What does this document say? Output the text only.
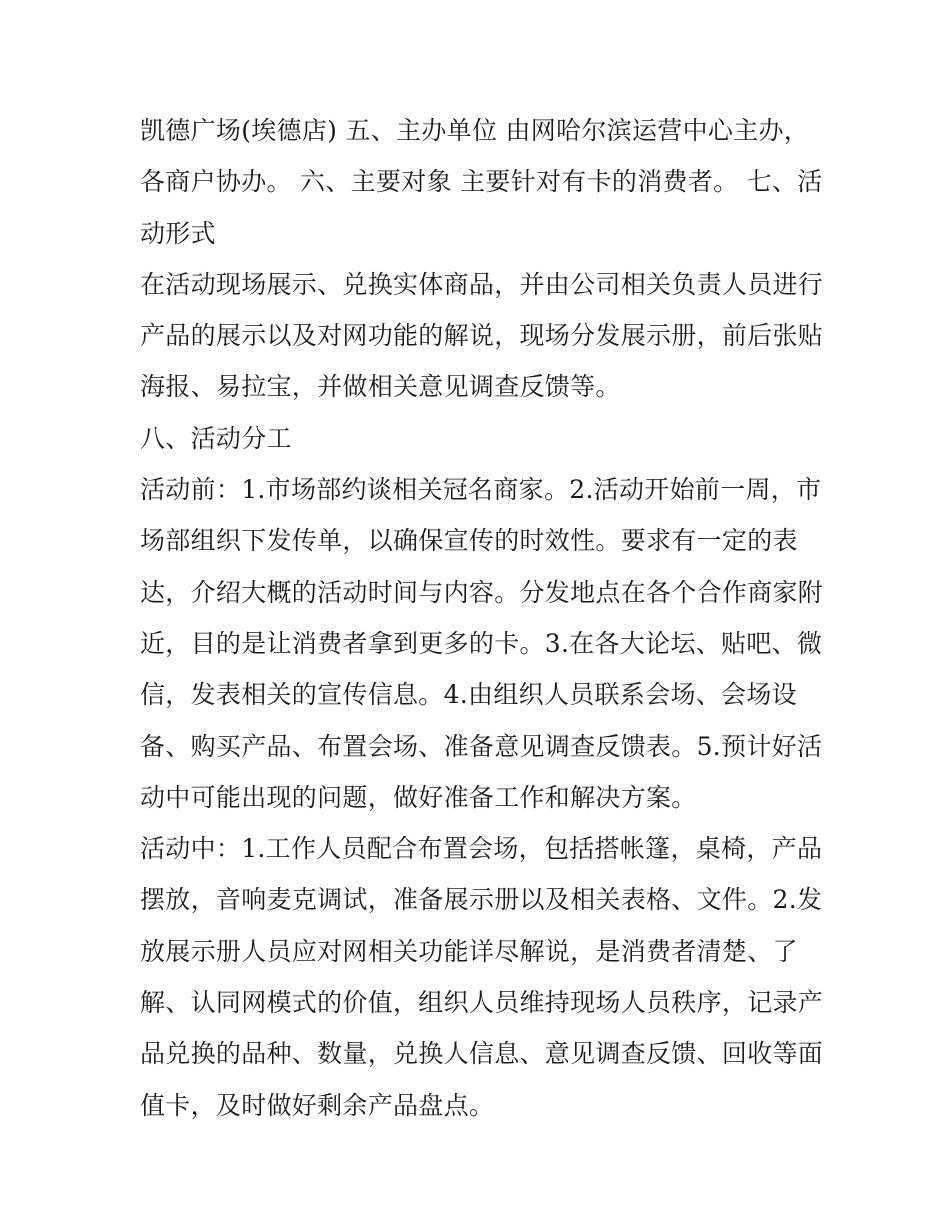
凯德广场(埃德店) 五、主办单位 由网哈尔滨运营中心主办，
各商户协办。 六、主要对象 主要针对有卡的消费者。 七、活
动形式
在活动现场展示、兑换实体商品，并由公司相关负责人员进行
产品的展示以及对网功能的解说，现场分发展示册，前后张贴
海报、易拉宝，并做相关意见调查反馈等。
八、活动分工
活动前：1.市场部约谈相关冠名商家。2.活动开始前一周，市
场部组织下发传单，以确保宣传的时效性。要求有一定的表
达，介绍大概的活动时间与内容。分发地点在各个合作商家附
近，目的是让消费者拿到更多的卡。3.在各大论坛、贴吧、微
信，发表相关的宣传信息。4.由组织人员联系会场、会场设
备、购买产品、布置会场、准备意见调查反馈表。5.预计好活
动中可能出现的问题，做好准备工作和解决方案。
活动中：1.工作人员配合布置会场，包括搭帐篷，桌椅，产品
摆放，音响麦克调试，准备展示册以及相关表格、文件。2.发
放展示册人员应对网相关功能详尽解说，是消费者清楚、了
解、认同网模式的价值，组织人员维持现场人员秩序，记录产
品兑换的品种、数量，兑换人信息、意见调查反馈、回收等面
值卡，及时做好剩余产品盘点。
